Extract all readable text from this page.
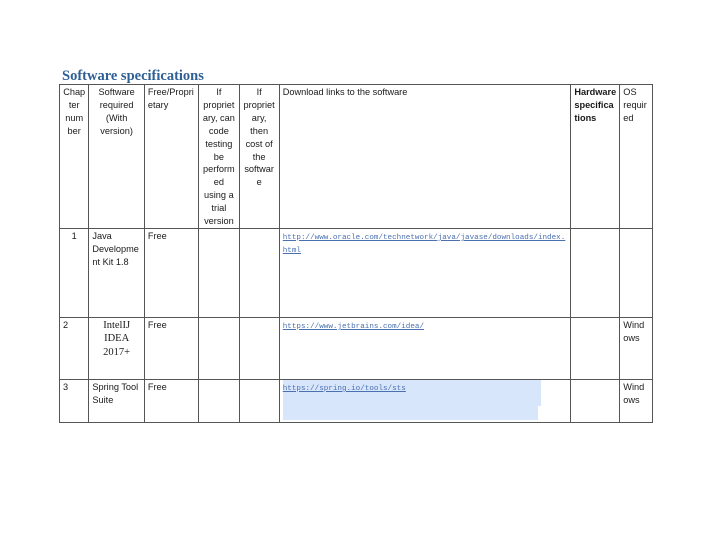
Software specifications
Chapter number	Software required (With version)	Free/Proprietary	If proprietary, can code testing be performed using a trial version	If proprietary, then cost of the software	Download links to the software	Hardware specifications	OS required
1	Java Development Kit 1.8	Free			http://www.oracle.com/technetwork/java/javase/downloads/index.html		
2	IntelIJ IDEA 2017+	Free			https://www.jetbrains.com/idea/		Windows
3	Spring Tool Suite	Free			https://spring.io/tools/sts		Windows
